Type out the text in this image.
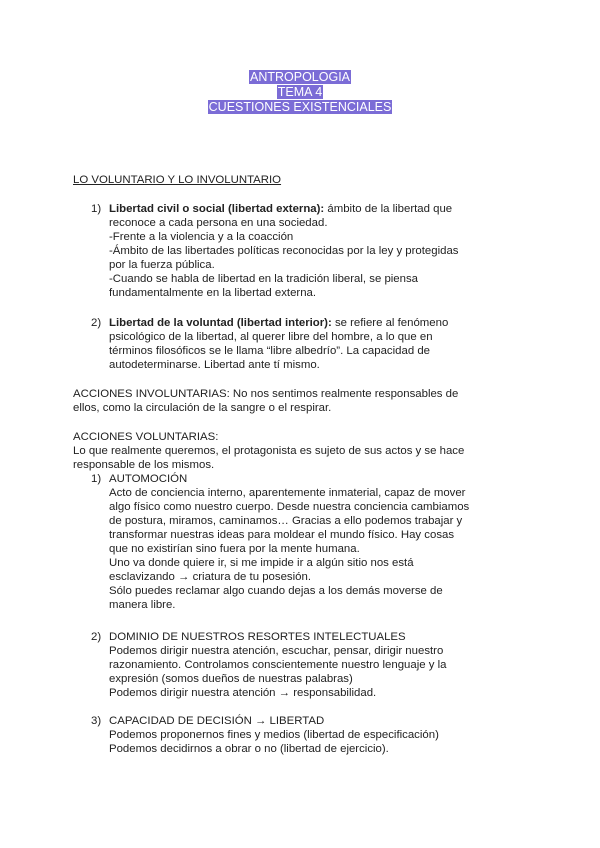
ANTROPOLOGIA
TEMA 4
CUESTIONES EXISTENCIALES
LO VOLUNTARIO Y LO INVOLUNTARIO
1) Libertad civil o social (libertad externa): ámbito de la libertad que
reconoce a cada persona en una sociedad.
-Frente a la violencia y a la coacción
-Ámbito de las libertades políticas reconocidas por la ley y protegidas
por la fuerza pública.
-Cuando se habla de libertad en la tradición liberal, se piensa
fundamentalmente en la libertad externa.
2) Libertad de la voluntad (libertad interior): se refiere al fenómeno
psicológico de la libertad, al querer libre del hombre, a lo que en
términos filosóficos se le llama “libre albedrío”. La capacidad de
autodeterminarse. Libertad ante tí mismo.
ACCIONES INVOLUNTARIAS: No nos sentimos realmente responsables de
ellos, como la circulación de la sangre o el respirar.
ACCIONES VOLUNTARIAS:
Lo que realmente queremos, el protagonista es sujeto de sus actos y se hace
responsable de los mismos.
1) AUTOMOCIÓN
Acto de conciencia interno, aparentemente inmaterial, capaz de mover
algo físico como nuestro cuerpo. Desde nuestra conciencia cambiamos
de postura, miramos, caminamos… Gracias a ello podemos trabajar y
transformar nuestras ideas para moldear el mundo físico. Hay cosas
que no existirían sino fuera por la mente humana.
Uno va donde quiere ir, si me impide ir a algún sitio nos está
esclavizando → criatura de tu posesión.
Sólo puedes reclamar algo cuando dejas a los demás moverse de
manera libre.
2) DOMINIO DE NUESTROS RESORTES INTELECTUALES
Podemos dirigir nuestra atención, escuchar, pensar, dirigir nuestro
razonamiento. Controlamos conscientemente nuestro lenguaje y la
expresión (somos dueños de nuestras palabras)
Podemos dirigir nuestra atención → responsabilidad.
3) CAPACIDAD DE DECISIÓN → LIBERTAD
Podemos proponernos fines y medios (libertad de especificación)
Podemos decidirnos a obrar o no (libertad de ejercicio).
